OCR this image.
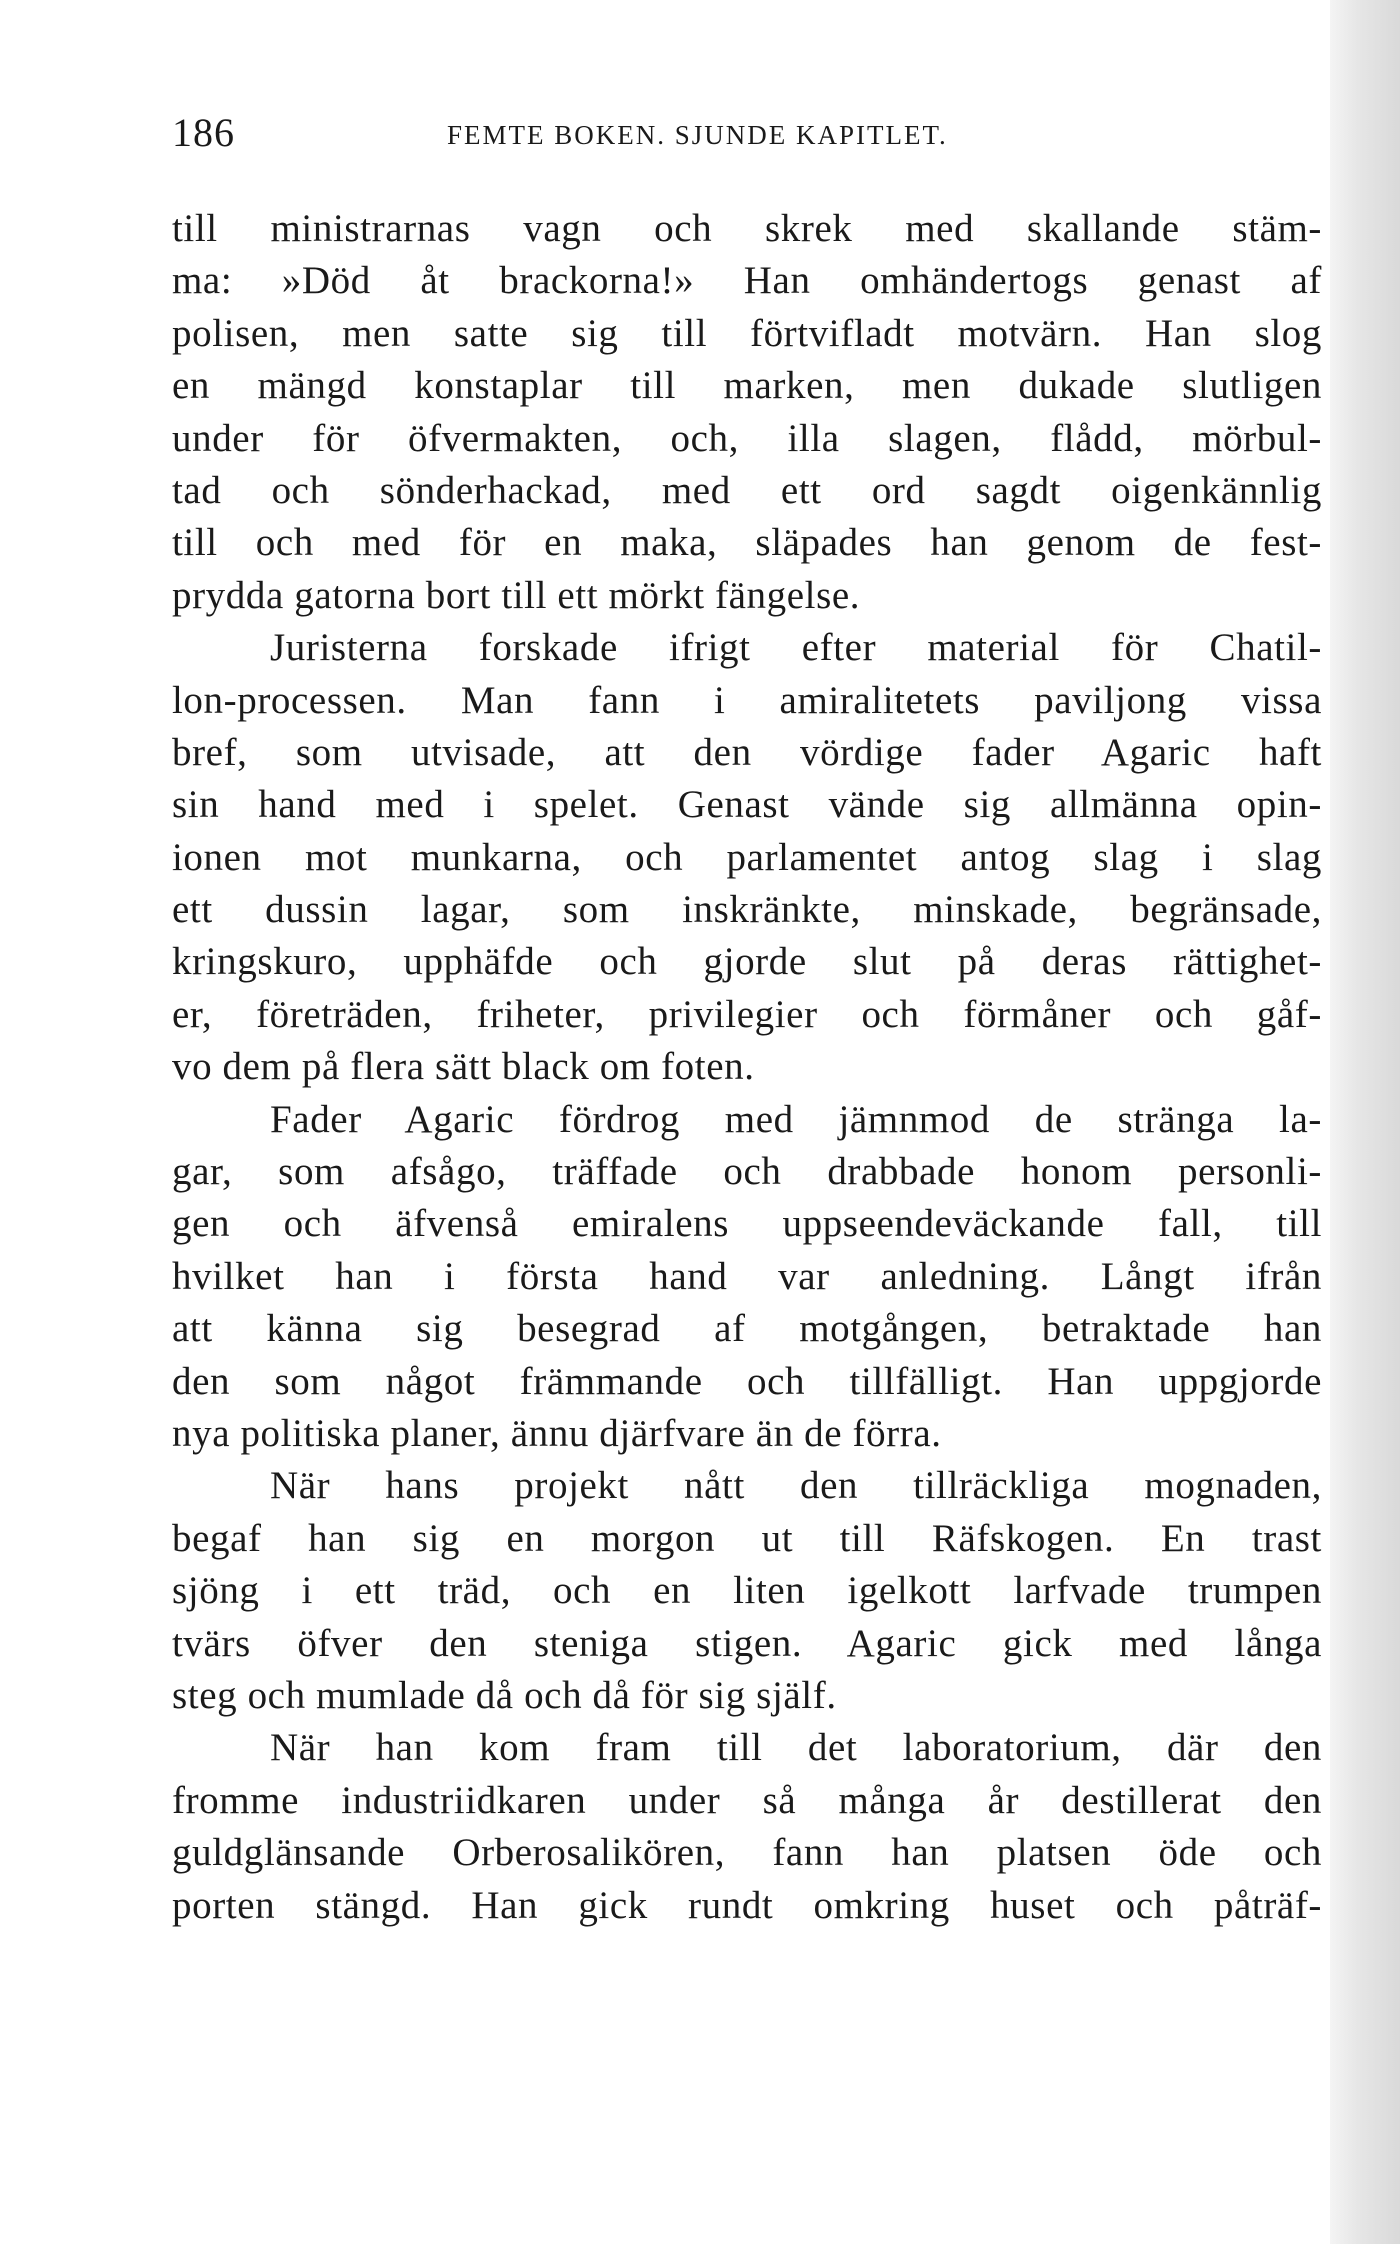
186	FEMTE BOKEN. SJUNDE KAPITLET.
till ministrarnas vagn och skrek med skallande stäm-
ma: »Död åt brackorna!» Han omhändertogs genast af
polisen, men satte sig till förtvifladt motvärn. Han slog
en mängd konstaplar till marken, men dukade slutligen
under för öfvermakten, och, illa slagen, flådd, mörbul-
tad och sönderhackad, med ett ord sagdt oigenkännlig
till och med för en maka, släpades han genom de fest-
prydda gatorna bort till ett mörkt fängelse.
Juristerna forskade ifrigt efter material för Chatil-
lon-processen. Man fann i amiralitetets paviljong vissa
bref, som utvisade, att den vördige fader Agaric haft
sin hand med i spelet. Genast vände sig allmänna opin-
ionen mot munkarna, och parlamentet antog slag i slag
ett dussin lagar, som inskränkte, minskade, begränsade,
kringskuro, upphäfde och gjorde slut på deras rättighet-
er, företräden, friheter, privilegier och förmåner och gåf-
vo dem på flera sätt black om foten.
Fader Agaric fördrog med jämnmod de stränga la-
gar, som afsågo, träffade och drabbade honom personli-
gen och äfvenså emiralens uppseendeväckande fall, till
hvilket han i första hand var anledning. Långt ifrån
att känna sig besegrad af motgången, betraktade han
den som något främmande och tillfälligt. Han uppgjorde
nya politiska planer, ännu djärfvare än de förra.
När hans projekt nått den tillräckliga mognaden,
begaf han sig en morgon ut till Räfskogen. En trast
sjöng i ett träd, och en liten igelkott larfvade trumpen
tvärs öfver den steniga stigen. Agaric gick med långa
steg och mumlade då och då för sig själf.
När han kom fram till det laboratorium, där den
fromme industriidkaren under så många år destillerat den
guldglänsande Orberosalikören, fann han platsen öde och
porten stängd. Han gick rundt omkring huset och påträf-
